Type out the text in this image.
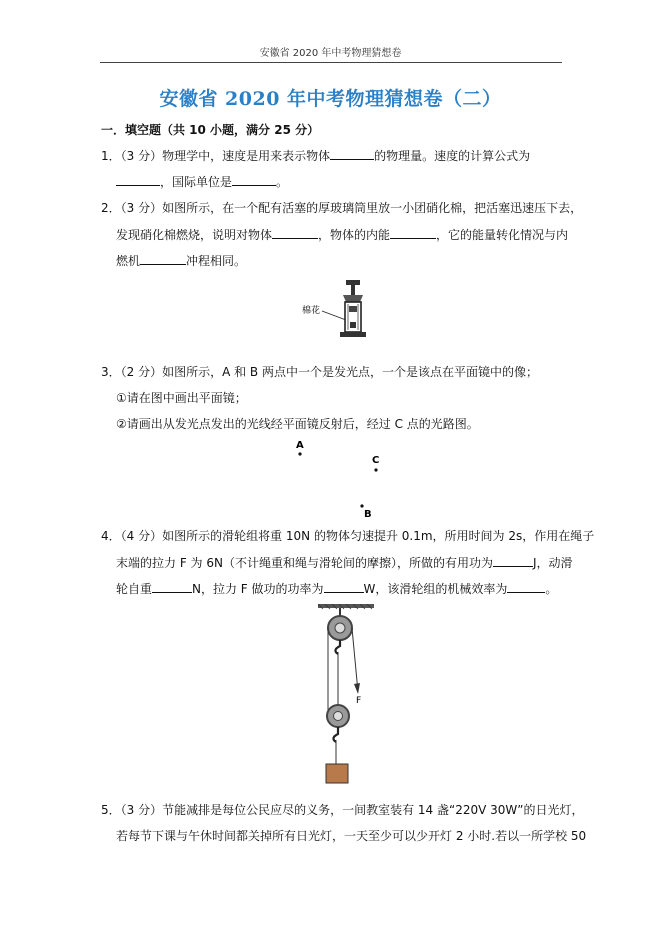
安徽省 2020 年中考物理猜想卷
安徽省 2020 年中考物理猜想卷（二）
一．填空题（共 10 小题，满分 25 分）
1．（3 分）物理学中，速度是用来表示物体	的物理量。速度的计算公式为
，国际单位是	。
2．（3 分）如图所示，在一个配有活塞的厚玻璃筒里放一小团硝化棉，把活塞迅速压下去，
发现硝化棉燃烧，说明对物体	，物体的内能	，它的能量转化情况与内
燃机	冲程相同。
棉花
3．（2 分）如图所示，A 和 B 两点中一个是发光点，一个是该点在平面镜中的像；
①请在图中画出平面镜；
②请画出从发光点发出的光线经平面镜反射后，经过 C 点的光路图。
A
C
B
4．（4 分）如图所示的滑轮组将重 10N 的物体匀速提升 0.1m，所用时间为 2s，作用在绳子
末端的拉力 F 为 6N（不计绳重和绳与滑轮间的摩擦），所做的有用功为	J，动滑
轮自重	N，拉力 F 做功的功率为	W，该滑轮组的机械效率为	。
F
5．（3 分）节能减排是每位公民应尽的义务，一间教室装有 14 盏“220V 30W”的日光灯，
若每节下课与午休时间都关掉所有日光灯，一天至少可以少开灯 2 小时.若以一所学校 50
